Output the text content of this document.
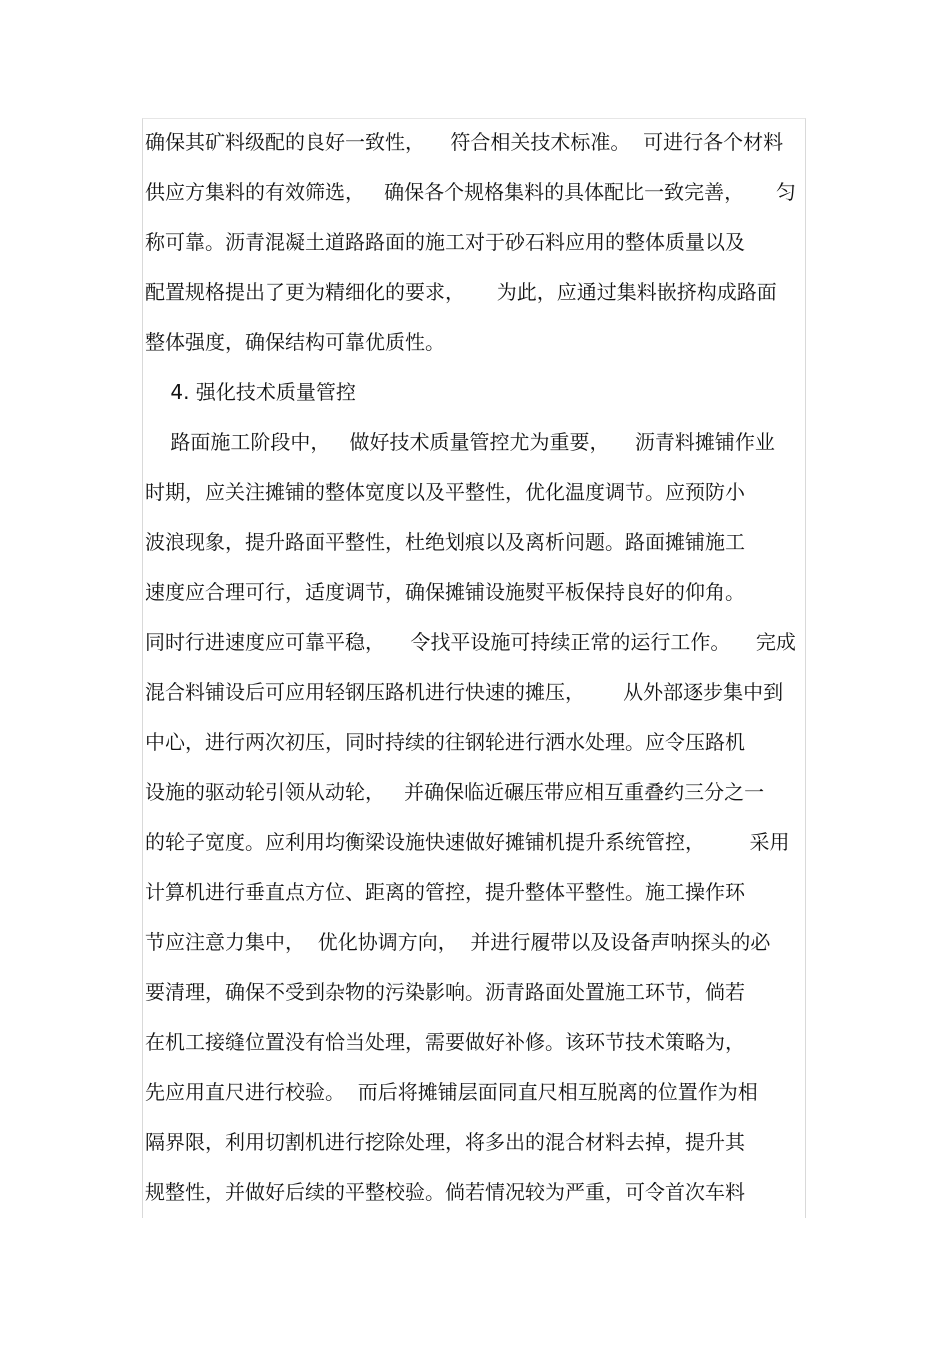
确保其矿料级配的良好一致性，    符合相关技术标准。  可进行各个材料
供应方集料的有效筛选，   确保各个规格集料的具体配比一致完善，     匀
称可靠。沥青混凝土道路路面的施工对于砂石料应用的整体质量以及
配置规格提出了更为精细化的要求，     为此，应通过集料嵌挤构成路面
整体强度，确保结构可靠优质性。
4. 强化技术质量管控
路面施工阶段中，   做好技术质量管控尤为重要，    沥青料摊铺作业
时期，应关注摊铺的整体宽度以及平整性，优化温度调节。应预防小
波浪现象，提升路面平整性，杜绝划痕以及离析问题。路面摊铺施工
速度应合理可行，适度调节，确保摊铺设施熨平板保持良好的仰角。
同时行进速度应可靠平稳，    令找平设施可持续正常的运行工作。    完成
混合料铺设后可应用轻钢压路机进行快速的摊压，      从外部逐步集中到
中心，进行两次初压，同时持续的往钢轮进行洒水处理。应令压路机
设施的驱动轮引领从动轮，   并确保临近碾压带应相互重叠约三分之一
的轮子宽度。应利用均衡梁设施快速做好摊铺机提升系统管控，       采用
计算机进行垂直点方位、距离的管控，提升整体平整性。施工操作环
节应注意力集中，  优化协调方向，  并进行履带以及设备声呐探头的必
要清理，确保不受到杂物的污染影响。沥青路面处置施工环节，倘若
在机工接缝位置没有恰当处理，需要做好补修。该环节技术策略为，
先应用直尺进行校验。  而后将摊铺层面同直尺相互脱离的位置作为相
隔界限，利用切割机进行挖除处理，将多出的混合材料去掉，提升其
规整性，并做好后续的平整校验。倘若情况较为严重，可令首次车料
